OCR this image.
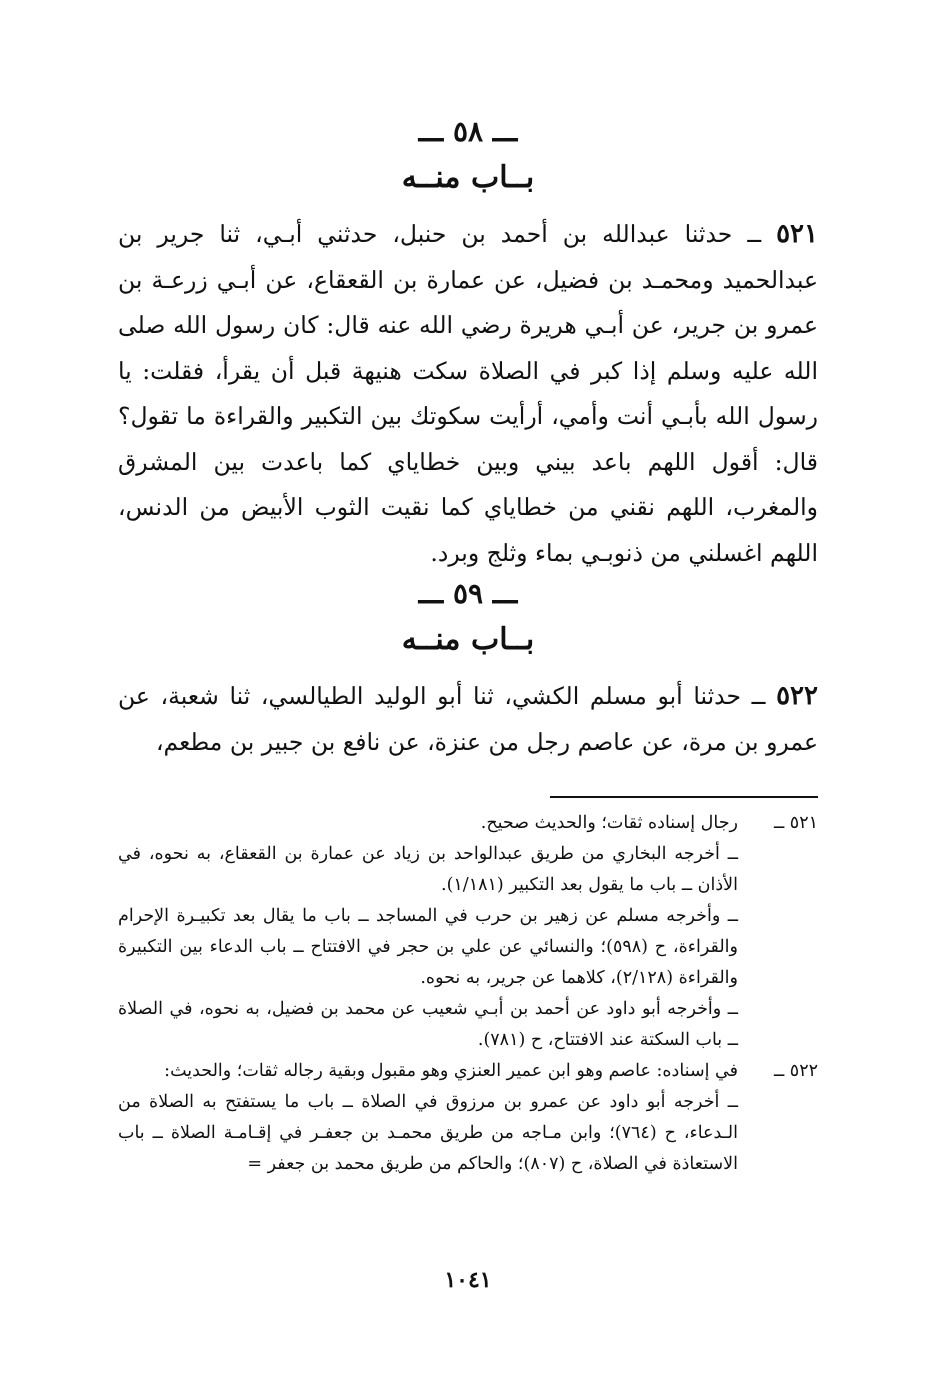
ـــ ٥٨ ـــ
بــاب منــه

٥٢١ ــ حدثنا عبدالله بن أحمد بن حنبل، حدثني أبـي، ثنا جرير بن عبدالحميد ومحمـد بن فضيل، عن عمارة بن القعقاع، عن أبـي زرعـة بن عمرو بن جرير، عن أبـي هريرة رضي الله عنه قال: كان رسول الله صلى الله عليه وسلم إذا كبر في الصلاة سكت هنيهة قبل أن يقرأ، فقلت: يا رسول الله بأبـي أنت وأمي، أرأيت سكوتك بين التكبير والقراءة ما تقول؟ قال: أقول اللهم باعد بيني وبين خطاياي كما باعدت بين المشرق والمغرب، اللهم نقني من خطاياي كما نقيت الثوب الأبيض من الدنس، اللهم اغسلني من ذنوبـي بماء وثلج وبرد.

ـــ ٥٩ ـــ
بــاب منــه

٥٢٢ ــ حدثنا أبو مسلم الكشي، ثنا أبو الوليد الطيالسي، ثنا شعبة، عن عمرو بن مرة، عن عاصم رجل من عنزة، عن نافع بن جبير بن مطعم،

٥٢١ ــ

رجال إسناده ثقات؛ والحديث صحيح.

ــ أخرجه البخاري من طريق عبدالواحد بن زياد عن عمارة بن القعقاع، به نحوه، في الأذان ــ باب ما يقول بعد التكبير (١/١٨١).

ــ وأخرجه مسلم عن زهير بن حرب في المساجد ــ باب ما يقال بعد تكبيـرة الإحرام والقراءة، ح (٥٩٨)؛ والنسائي عن علي بن حجر في الافتتاح ــ باب الدعاء بين التكبيرة والقراءة (٢/١٢٨)، كلاهما عن جرير، به نحوه.

ــ وأخرجه أبو داود عن أحمد بن أبـي شعيب عن محمد بن فضيل، به نحوه، في الصلاة ــ باب السكتة عند الافتتاح، ح (٧٨١).

٥٢٢ ــ

في إسناده: عاصم وهو ابن عمير العنزي وهو مقبول وبقية رجاله ثقات؛ والحديث:

ــ أخرجه أبو داود عن عمرو بن مرزوق في الصلاة ــ باب ما يستفتح به الصلاة من الـدعاء، ح (٧٦٤)؛ وابن مـاجه من طريق محمـد بن جعفـر في إقـامـة الصلاة ــ باب الاستعاذة في الصلاة، ح (٨٠٧)؛ والحاكم من طريق محمد بن جعفر =

١٠٤١
